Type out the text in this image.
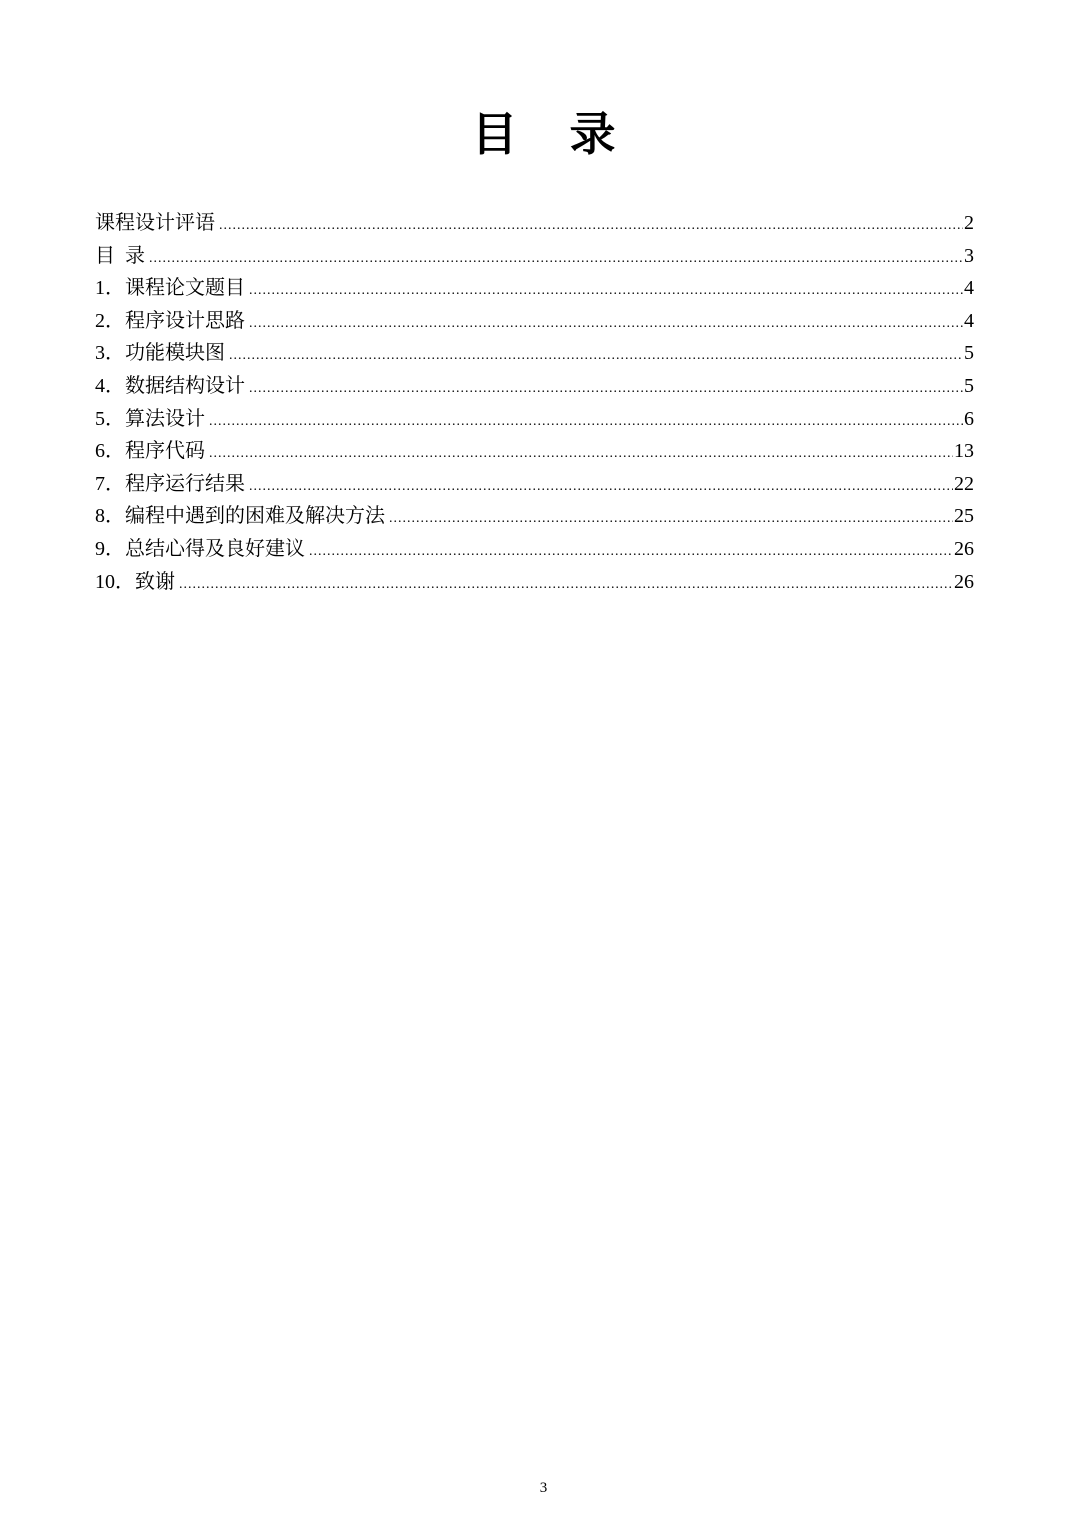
目 录
课程设计评语 .....	2
目  录 .....	3
1．课程论文题目 .....	4
2．程序设计思路 .....	4
3．功能模块图 .....	5
4．数据结构设计 .....	5
5．算法设计 .....	6
6．程序代码 .....	13
7．程序运行结果 .....	22
8．编程中遇到的困难及解决方法 .....	25
9．总结心得及良好建议 .....	26
10．致谢 .....	26
3
